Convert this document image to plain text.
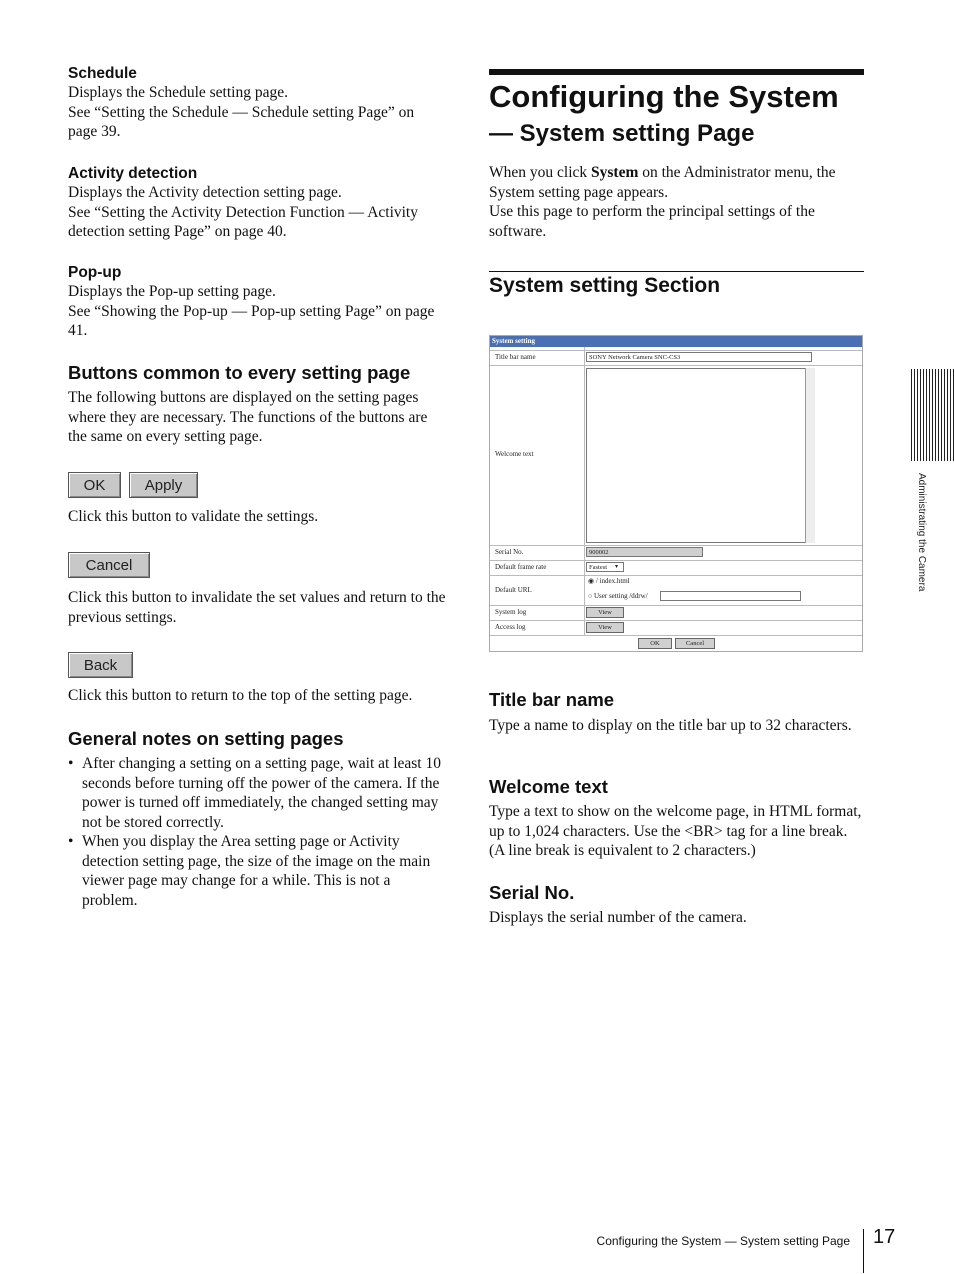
Schedule

Displays the Schedule setting page.

See “Setting the Schedule — Schedule setting Page” on page 39.

Activity detection

Displays the Activity detection setting page.

See “Setting the Activity Detection Function — Activity detection setting Page” on page 40.

Pop-up

Displays the Pop-up setting page.

See “Showing the Pop-up — Pop-up setting Page” on page 41.

Buttons common to every setting page

The following buttons are displayed on the setting pages where they are necessary. The functions of the buttons are the same on every setting page.

OK	Apply

Click this button to validate the settings.

Cancel

Click this button to invalidate the set values and return to the previous settings.

Back

Click this button to return to the top of the setting page.

General notes on setting pages
• After changing a setting on a setting page, wait at least 10 seconds before turning off the power of the camera. If the power is turned off immediately, the changed setting may not be stored correctly.
• When you display the Area setting page or Activity detection setting page, the size of the image on the main viewer page may change for a while. This is not a problem.
Configuring the System
— System setting Page

When you click System on the Administrator menu, the System setting page appears.

Use this page to perform the principal settings of the software.

System setting Section
System setting
Title bar name	SONY Network Camera SNC-CS3
Welcome text
Serial No.	900002
Default frame rate	Fastest	▾
Default URL
◉ / index.html
○ User setting /ddrw/
System log	View
Access log	View
OK	Cancel
Title bar name

Type a name to display on the title bar up to 32 characters.

Welcome text

Type a text to show on the welcome page, in HTML format, up to 1,024 characters. Use the <BR> tag for a line break. (A line break is equivalent to 2 characters.)

Serial No.

Displays the serial number of the camera.

Administrating the Camera
Configuring the System — System setting Page 17
